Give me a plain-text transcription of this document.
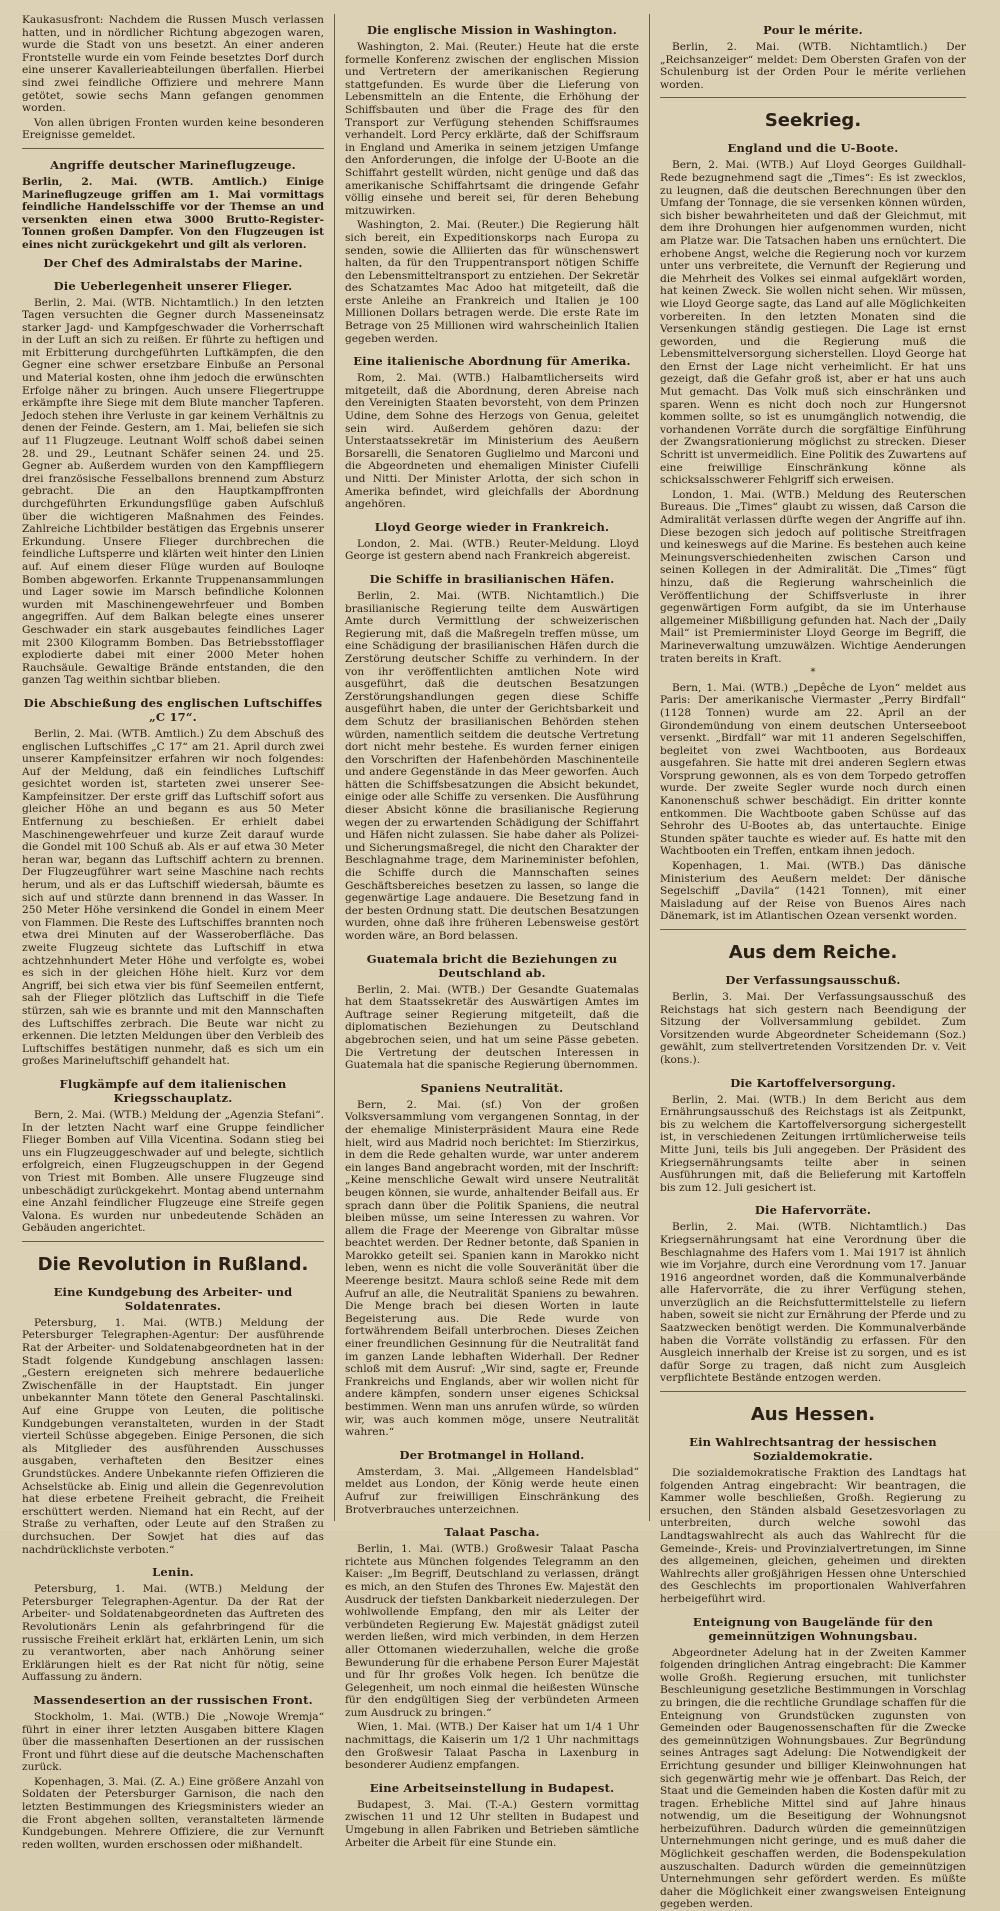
Kaukasusfront: Nachdem die Russen Musch verlassen hatten, und in nördlicher Richtung abgezogen waren, wurde die Stadt von uns besetzt. An einer anderen Frontstelle wurde ein vom Feinde besetztes Dorf durch eine unserer Kavallerieabteilungen überfallen. Hierbei sind zwei feindliche Offiziere und mehrere Mann getötet, sowie sechs Mann gefangen genommen worden.

Von allen übrigen Fronten wurden keine besonderen Ereignisse gemeldet.

Angriffe deutscher Marineflugzeuge.

Berlin, 2. Mai. (WTB. Amtlich.) Einige Marineflugzeuge griffen am 1. Mai vormittags feindliche Handelsschiffe vor der Themse an und versenkten einen etwa 3000 Brutto-Register-Tonnen großen Dampfer. Von den Flugzeugen ist eines nicht zurückgekehrt und gilt als verloren.

Der Chef des Admiralstabs der Marine.
Die Ueberlegenheit unserer Flieger.

Berlin, 2. Mai. (WTB. Nichtamtlich.) In den letzten Tagen versuchten die Gegner durch Masseneinsatz starker Jagd- und Kampfgeschwader die Vorherrschaft in der Luft an sich zu reißen. Er führte zu heftigen und mit Erbitterung durchgeführten Luftkämpfen, die den Gegner eine schwer ersetzbare Einbuße an Personal und Material kosten, ohne ihm jedoch die erwünschten Erfolge näher zu bringen. Auch unsere Fliegertruppe erkämpfte ihre Siege mit dem Blute mancher Tapferen. Jedoch stehen ihre Verluste in gar keinem Verhältnis zu denen der Feinde. Gestern, am 1. Mai, beliefen sie sich auf 11 Flugzeuge. Leutnant Wolff schoß dabei seinen 28. und 29., Leutnant Schäfer seinen 24. und 25. Gegner ab. Außerdem wurden von den Kampffliegern drei französische Fesselballons brennend zum Absturz gebracht. Die an den Hauptkampffronten durchgeführten Erkundungsflüge gaben Aufschluß über die wichtigeren Maßnahmen des Feindes. Zahlreiche Lichtbilder bestätigen das Ergebnis unserer Erkundung. Unsere Flieger durchbrechen die feindliche Luftsperre und klärten weit hinter den Linien auf. Auf einem dieser Flüge wurden auf Bouloqne Bomben abgeworfen. Erkannte Truppenansammlungen und Lager sowie im Marsch befindliche Kolonnen wurden mit Maschinengewehrfeuer und Bomben angegriffen. Auf dem Balkan belegte eines unserer Geschwader ein stark ausgebautes feindliches Lager mit 2300 Kilogramm Bomben. Das Betriebsstofflager explodierte dabei mit einer 2000 Meter hohen Rauchsäule. Gewaltige Brände entstanden, die den ganzen Tag weithin sichtbar blieben.

Die Abschießung des englischen Luftschiffes „C 17“.

Berlin, 2. Mai. (WTB. Amtlich.) Zu dem Abschuß des englischen Luftschiffes „C 17“ am 21. April durch zwei unserer Kampfeinsitzer erfahren wir noch folgendes: Auf der Meldung, daß ein feindliches Luftschiff gesichtet worden ist, starteten zwei unserer See-Kampfeinsitzer. Der erste griff das Luftschiff sofort aus gleicher Höhe an und begann es aus 50 Meter Entfernung zu beschießen. Er erhielt dabei Maschinengewehrfeuer und kurze Zeit darauf wurde die Gondel mit 100 Schuß ab. Als er auf etwa 30 Meter heran war, begann das Luftschiff achtern zu brennen. Der Flugzeugführer wart seine Maschine nach rechts herum, und als er das Luftschiff wiedersah, bäumte es sich auf und stürzte dann brennend in das Wasser. In 250 Meter Höhe versinkend die Gondel in einem Meer von Flammen. Die Reste des Luftschiffes brannten noch etwa drei Minuten auf der Wasseroberfläche. Das zweite Flugzeug sichtete das Luftschiff in etwa achtzehnhundert Meter Höhe und verfolgte es, wobei es sich in der gleichen Höhe hielt. Kurz vor dem Angriff, bei sich etwa vier bis fünf Seemeilen entfernt, sah der Flieger plötzlich das Luftschiff in die Tiefe stürzen, sah wie es brannte und mit den Mannschaften des Luftschiffes zerbrach. Die Beute war nicht zu erkennen. Die letzten Meldungen über den Verbleib des Luftschiffes bestätigen nunmehr, daß es sich um ein großes Marineluftschiff gehandelt hat.

Flugkämpfe auf dem italienischen Kriegsschauplatz.

Bern, 2. Mai. (WTB.) Meldung der „Agenzia Stefani“. In der letzten Nacht warf eine Gruppe feindlicher Flieger Bomben auf Villa Vicentina. Sodann stieg bei uns ein Flugzeuggeschwader auf und belegte, sichtlich erfolgreich, einen Flugzeugschuppen in der Gegend von Triest mit Bomben. Alle unsere Flugzeuge sind unbeschädigt zurückgekehrt. Montag abend unternahm eine Anzahl feindlicher Flugzeuge eine Streife gegen Valona. Es wurden nur unbedeutende Schäden an Gebäuden angerichtet.

Die Revolution in Rußland.
Eine Kundgebung des Arbeiter- und Soldatenrates.

Petersburg, 1. Mai. (WTB.) Meldung der Petersburger Telegraphen-Agentur: Der ausführende Rat der Arbeiter- und Soldatenabgeordneten hat in der Stadt folgende Kundgebung anschlagen lassen: „Gestern ereigneten sich mehrere bedauerliche Zwischenfälle in der Hauptstadt. Ein junger unbekannter Mann tötete den General Paschtalinski. Auf eine Gruppe von Leuten, die politische Kundgebungen veranstalteten, wurden in der Stadt vierteil Schüsse abgegeben. Einige Personen, die sich als Mitglieder des ausführenden Ausschusses ausgaben, verhafteten den Besitzer eines Grundstückes. Andere Unbekannte riefen Offizieren die Achselstücke ab. Einig und allein die Gegenrevolution hat diese erbetene Freiheit gebracht, die Freiheit erschüttert werden. Niemand hat ein Recht, auf der Straße zu verhaften, oder Leute auf den Straßen zu durchsuchen. Der Sowjet hat dies auf das nachdrücklichste verboten.“

Lenin.

Petersburg, 1. Mai. (WTB.) Meldung der Petersburger Telegraphen-Agentur. Da der Rat der Arbeiter- und Soldatenabgeordneten das Auftreten des Revolutionärs Lenin als gefahrbringend für die russische Freiheit erklärt hat, erklärten Lenin, um sich zu verantworten, aber nach Anhörung seiner Erklärungen hielt es der Rat nicht für nötig, seine Auffassung zu ändern.

Massendesertion an der russischen Front.

Stockholm, 1. Mai. (WTB.) Die „Nowoje Wremja“ führt in einer ihrer letzten Ausgaben bittere Klagen über die massenhaften Desertionen an der russischen Front und führt diese auf die deutsche Machenschaften zurück.

Kopenhagen, 3. Mai. (Z. A.) Eine größere Anzahl von Soldaten der Petersburger Garnison, die nach den letzten Bestimmungen des Kriegsministers wieder an die Front abgehen sollten, veranstalteten lärmende Kundgebungen. Mehrere Offiziere, die zur Vernunft reden wollten, wurden erschossen oder mißhandelt.

Die englische Mission in Washington.

Washington, 2. Mai. (Reuter.) Heute hat die erste formelle Konferenz zwischen der englischen Mission und Vertretern der amerikanischen Regierung stattgefunden. Es wurde über die Lieferung von Lebensmitteln an die Entente, die Erhöhung der Schiffsbauten und über die Frage des für den Transport zur Verfügung stehenden Schiffsraumes verhandelt. Lord Percy erklärte, daß der Schiffsraum in England und Amerika in seinem jetzigen Umfange den Anforderungen, die infolge der U-Boote an die Schiffahrt gestellt würden, nicht genüge und daß das amerikanische Schiffahrtsamt die dringende Gefahr völlig einsehe und bereit sei, für deren Behebung mitzuwirken.

Washington, 2. Mai. (Reuter.) Die Regierung hält sich bereit, ein Expeditionskorps nach Europa zu senden, sowie die Alliierten das für wünschenswert halten, da für den Truppentransport nötigen Schiffe den Lebensmitteltransport zu entziehen. Der Sekretär des Schatzamtes Mac Adoo hat mitgeteilt, daß die erste Anleihe an Frankreich und Italien je 100 Millionen Dollars betragen werde. Die erste Rate im Betrage von 25 Millionen wird wahrscheinlich Italien gegeben werden.

Eine italienische Abordnung für Amerika.

Rom, 2. Mai. (WTB.) Halbamtlicherseits wird mitgeteilt, daß die Abordnung, deren Abreise nach den Vereinigten Staaten bevorsteht, von dem Prinzen Udine, dem Sohne des Herzogs von Genua, geleitet sein wird. Außerdem gehören dazu: der Unterstaatssekretär im Ministerium des Aeußern Borsarelli, die Senatoren Guglielmo und Marconi und die Abgeordneten und ehemaligen Minister Ciufelli und Nitti. Der Minister Arlotta, der sich schon in Amerika befindet, wird gleichfalls der Abordnung angehören.

Lloyd George wieder in Frankreich.

London, 2. Mai. (WTB.) Reuter-Meldung. Lloyd George ist gestern abend nach Frankreich abgereist.

Die Schiffe in brasilianischen Häfen.

Berlin, 2. Mai. (WTB. Nichtamtlich.) Die brasilianische Regierung teilte dem Auswärtigen Amte durch Vermittlung der schweizerischen Regierung mit, daß die Maßregeln treffen müsse, um eine Schädigung der brasilianischen Häfen durch die Zerstörung deutscher Schiffe zu verhindern. In der von ihr veröffentlichten amtlichen Note wird ausgeführt, daß die deutschen Besatzungen Zerstörungshandlungen gegen diese Schiffe ausgeführt haben, die unter der Gerichtsbarkeit und dem Schutz der brasilianischen Behörden stehen würden, namentlich seitdem die deutsche Vertretung dort nicht mehr bestehe. Es wurden ferner einigen den Vorschriften der Hafenbehörden Maschinenteile und andere Gegenstände in das Meer geworfen. Auch hätten die Schiffsbesatzungen die Absicht bekundet, einige oder alle Schiffe zu versenken. Die Ausführung dieser Absicht könne die brasilianische Regierung wegen der zu erwartenden Schädigung der Schiffahrt und Häfen nicht zulassen. Sie habe daher als Polizei- und Sicherungsmaßregel, die nicht den Charakter der Beschlagnahme trage, dem Marineminister befohlen, die Schiffe durch die Mannschaften seines Geschäftsbereiches besetzen zu lassen, so lange die gegenwärtige Lage andauere. Die Besetzung fand in der besten Ordnung statt. Die deutschen Besatzungen wurden, ohne daß ihre früheren Lebensweise gestört worden wäre, an Bord belassen.

Guatemala bricht die Beziehungen zu Deutschland ab.

Berlin, 2. Mai. (WTB.) Der Gesandte Guatemalas hat dem Staatssekretär des Auswärtigen Amtes im Auftrage seiner Regierung mitgeteilt, daß die diplomatischen Beziehungen zu Deutschland abgebrochen seien, und hat um seine Pässe gebeten. Die Vertretung der deutschen Interessen in Guatemala hat die spanische Regierung übernommen.

Spaniens Neutralität.

Bern, 2. Mai. (sf.) Von der großen Volksversammlung vom vergangenen Sonntag, in der der ehemalige Ministerpräsident Maura eine Rede hielt, wird aus Madrid noch berichtet: Im Stierzirkus, in dem die Rede gehalten wurde, war unter anderem ein langes Band angebracht worden, mit der Inschrift: „Keine menschliche Gewalt wird unsere Neutralität beugen können, sie wurde, anhaltender Beifall aus. Er sprach dann über die Politik Spaniens, die neutral bleiben müsse, um seine Interessen zu wahren. Vor allem die Frage der Meerenge von Gibraltar müsse beachtet werden. Der Redner betonte, daß Spanien in Marokko geteilt sei. Spanien kann in Marokko nicht leben, wenn es nicht die volle Souveränität über die Meerenge besitzt. Maura schloß seine Rede mit dem Aufruf an alle, die Neutralität Spaniens zu bewahren. Die Menge brach bei diesen Worten in laute Begeisterung aus. Die Rede wurde von fortwährendem Beifall unterbrochen. Dieses Zeichen einer freundlichen Gesinnung für die Neutralität fand im ganzen Lande lebhaften Widerhall. Der Redner schloß mit dem Ausruf: „Wir sind, sagte er, Freunde Frankreichs und Englands, aber wir wollen nicht für andere kämpfen, sondern unser eigenes Schicksal bestimmen. Wenn man uns anrufen würde, so würden wir, was auch kommen möge, unsere Neutralität wahren.“

Der Brotmangel in Holland.

Amsterdam, 3. Mai. „Allgemeen Handelsblad“ meldet aus London, der König werde heute einen Aufruf zur freiwilligen Einschränkung des Brotverbrauches unterzeichnen.

Talaat Pascha.

Berlin, 1. Mai. (WTB.) Großwesir Talaat Pascha richtete aus München folgendes Telegramm an den Kaiser: „Im Begriff, Deutschland zu verlassen, drängt es mich, an den Stufen des Thrones Ew. Majestät den Ausdruck der tiefsten Dankbarkeit niederzulegen. Der wohlwollende Empfang, den mir als Leiter der verbündeten Regierung Ew. Majestät gnädigst zuteil werden ließen, wird mich verbinden, in dem Herzen aller Ottomanen wiederzuhallen, welche die große Bewunderung für die erhabene Person Eurer Majestät und für Ihr großes Volk hegen. Ich benütze die Gelegenheit, um noch einmal die heißesten Wünsche für den endgültigen Sieg der verbündeten Armeen zum Ausdruck zu bringen.“

Wien, 1. Mai. (WTB.) Der Kaiser hat um 1/4 1 Uhr nachmittags, die Kaiserin um 1/2 1 Uhr nachmittags den Großwesir Talaat Pascha in Laxenburg in besonderer Audienz empfangen.

Eine Arbeitseinstellung in Budapest.

Budapest, 3. Mai. (T.-A.) Gestern vormittag zwischen 11 und 12 Uhr stellten in Budapest und Umgebung in allen Fabriken und Betrieben sämtliche Arbeiter die Arbeit für eine Stunde ein.

Pour le mérite.

Berlin, 2. Mai. (WTB. Nichtamtlich.) Der „Reichsanzeiger“ meldet: Dem Obersten Grafen von der Schulenburg ist der Orden Pour le mérite verliehen worden.

Seekrieg.
England und die U-Boote.

Bern, 2. Mai. (WTB.) Auf Lloyd Georges Guildhall-Rede bezugnehmend sagt die „Times“: Es ist zwecklos, zu leugnen, daß die deutschen Berechnungen über den Umfang der Tonnage, die sie versenken können würden, sich bisher bewahrheiteten und daß der Gleichmut, mit dem ihre Drohungen hier aufgenommen wurden, nicht am Platze war. Die Tatsachen haben uns ernüchtert. Die erhobene Angst, welche die Regierung noch vor kurzem unter uns verbreitete, die Vernunft der Regierung und die Mehrheit des Volkes sei einmal aufgeklärt worden, hat keinen Zweck. Sie wollen nicht sehen. Wir müssen, wie Lloyd George sagte, das Land auf alle Möglichkeiten vorbereiten. In den letzten Monaten sind die Versenkungen ständig gestiegen. Die Lage ist ernst geworden, und die Regierung muß die Lebensmittelversorgung sicherstellen. Lloyd George hat den Ernst der Lage nicht verheimlicht. Er hat uns gezeigt, daß die Gefahr groß ist, aber er hat uns auch Mut gemacht. Das Volk muß sich einschränken und sparen. Wenn es nicht doch noch zur Hungersnot kommen sollte, so ist es unumgänglich notwendig, die vorhandenen Vorräte durch die sorgfältige Einführung der Zwangsrationierung möglichst zu strecken. Dieser Schritt ist unvermeidlich. Eine Politik des Zuwartens auf eine freiwillige Einschränkung könne als schicksalsschwerer Fehlgriff sich erweisen.

London, 1. Mai. (WTB.) Meldung des Reuterschen Bureaus. Die „Times“ glaubt zu wissen, daß Carson die Admiralität verlassen dürfte wegen der Angriffe auf ihn. Diese bezogen sich jedoch auf politische Streitfragen und keineswegs auf die Marine. Es bestehen auch keine Meinungsverschiedenheiten zwischen Carson und seinen Kollegen in der Admiralität. Die „Times“ fügt hinzu, daß die Regierung wahrscheinlich die Veröffentlichung der Schiffsverluste in ihrer gegenwärtigen Form aufgibt, da sie im Unterhause allgemeiner Mißbilligung gefunden hat. Nach der „Daily Mail“ ist Premierminister Lloyd George im Begriff, die Marineverwaltung umzuwälzen. Wichtige Aenderungen traten bereits in Kraft.

*

Bern, 1. Mai. (WTB.) „Depêche de Lyon“ meldet aus Paris: Der amerikanische Viermaster „Perry Birdfall“ (1128 Tonnen) wurde am 22. April an der Girondemündung von einem deutschen Unterseeboot versenkt. „Birdfall“ war mit 11 anderen Segelschiffen, begleitet von zwei Wachtbooten, aus Bordeaux ausgefahren. Sie hatte mit drei anderen Seglern etwas Vorsprung gewonnen, als es von dem Torpedo getroffen wurde. Der zweite Segler wurde noch durch einen Kanonenschuß schwer beschädigt. Ein dritter konnte entkommen. Die Wachtboote gaben Schüsse auf das Sehrohr des U-Bootes ab, das untertauchte. Einige Stunden später tauchte es wieder auf. Es hatte mit den Wachtbooten ein Treffen, entkam ihnen jedoch.

Kopenhagen, 1. Mai. (WTB.) Das dänische Ministerium des Aeußern meldet: Der dänische Segelschiff „Davila“ (1421 Tonnen), mit einer Maisladung auf der Reise von Buenos Aires nach Dänemark, ist im Atlantischen Ozean versenkt worden.

Aus dem Reiche.
Der Verfassungsausschuß.

Berlin, 3. Mai. Der Verfassungsausschuß des Reichstags hat sich gestern nach Beendigung der Sitzung der Vollversammlung gebildet. Zum Vorsitzenden wurde Abgeordneter Scheidemann (Soz.) gewählt, zum stellvertretenden Vorsitzenden Dr. v. Veit (kons.).

Die Kartoffelversorgung.

Berlin, 2. Mai. (WTB.) In dem Bericht aus dem Ernährungsausschuß des Reichstags ist als Zeitpunkt, bis zu welchem die Kartoffelversorgung sichergestellt ist, in verschiedenen Zeitungen irrtümlicherweise teils Mitte Juni, teils bis Juli angegeben. Der Präsident des Kriegsernährungsamts teilte aber in seinen Ausführungen mit, daß die Belieferung mit Kartoffeln bis zum 12. Juli gesichert ist.

Die Hafervorräte.

Berlin, 2. Mai. (WTB. Nichtamtlich.) Das Kriegsernährungsamt hat eine Verordnung über die Beschlagnahme des Hafers vom 1. Mai 1917 ist ähnlich wie im Vorjahre, durch eine Verordnung vom 17. Januar 1916 angeordnet worden, daß die Kommunalverbände alle Hafervorräte, die zu ihrer Verfügung stehen, unverzüglich an die Reichsfuttermittelstelle zu liefern haben, soweit sie nicht zur Ernährung der Pferde und zu Saatzwecken benötigt werden. Die Kommunalverbände haben die Vorräte vollständig zu erfassen. Für den Ausgleich innerhalb der Kreise ist zu sorgen, und es ist dafür Sorge zu tragen, daß nicht zum Ausgleich verpflichtete Bestände entzogen werden.

Aus Hessen.
Ein Wahlrechtsantrag der hessischen Sozialdemokratie.

Die sozialdemokratische Fraktion des Landtags hat folgenden Antrag eingebracht: Wir beantragen, die Kammer wolle beschließen, Großh. Regierung zu ersuchen, den Ständen alsbald Gesetzesvorlagen zu unterbreiten, durch welche sowohl das Landtagswahlrecht als auch das Wahlrecht für die Gemeinde-, Kreis- und Provinzialvertretungen, im Sinne des allgemeinen, gleichen, geheimen und direkten Wahlrechts aller großjährigen Hessen ohne Unterschied des Geschlechts im proportionalen Wahlverfahren herbeigeführt wird.

Enteignung von Baugelände für den gemeinnützigen Wohnungsbau.

Abgeordneter Adelung hat in der Zweiten Kammer folgenden dringlichen Antrag eingebracht: Die Kammer wolle Großh. Regierung ersuchen, mit tunlichster Beschleunigung gesetzliche Bestimmungen in Vorschlag zu bringen, die die rechtliche Grundlage schaffen für die Enteignung von Grundstücken zugunsten von Gemeinden oder Baugenossenschaften für die Zwecke des gemeinnützigen Wohnungsbaues. Zur Begründung seines Antrages sagt Adelung: Die Notwendigkeit der Errichtung gesunder und billiger Kleinwohnungen hat sich gegenwärtig mehr wie je offenbart. Das Reich, der Staat und die Gemeinden haben die Kosten dafür mit zu tragen. Erhebliche Mittel sind auf Jahre hinaus notwendig, um die Beseitigung der Wohnungsnot herbeizuführen. Dadurch würden die gemeinnützigen Unternehmungen nicht geringe, und es muß daher die Möglichkeit geschaffen werden, die Bodenspekulation auszuschalten. Dadurch würden die gemeinnützigen Unternehmungen sehr gefördert werden. Es müßte daher die Möglichkeit einer zwangsweisen Enteignung gegeben werden.
